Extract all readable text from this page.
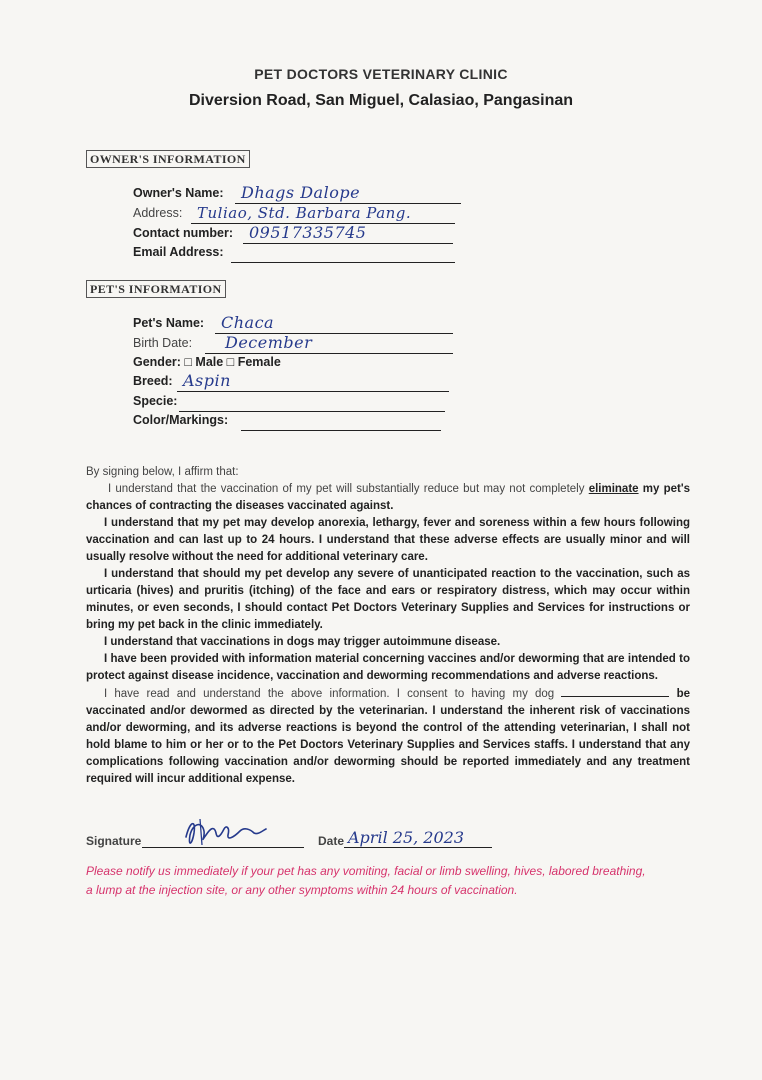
PET DOCTORS VETERINARY CLINIC
Diversion Road, San Miguel, Calasiao, Pangasinan
OWNER'S INFORMATION
Owner's Name: Dhags Dalope
Address: Tuliao, Std. Barbara Pang.
Contact number: 09517335745
Email Address:
PET'S INFORMATION
Pet's Name: Chaca
Birth Date: December
Gender: □ Male □ Female
Breed: Aspin
Specie:
Color/Markings:

By signing below, I affirm that:

I understand that the vaccination of my pet will substantially reduce but may not completely eliminate my pet's chances of contracting the diseases vaccinated against.

I understand that my pet may develop anorexia, lethargy, fever and soreness within a few hours following vaccination and can last up to 24 hours. I understand that these adverse effects are usually minor and will usually resolve without the need for additional veterinary care.

I understand that should my pet develop any severe of unanticipated reaction to the vaccination, such as urticaria (hives) and pruritis (itching) of the face and ears or respiratory distress, which may occur within minutes, or even seconds, I should contact Pet Doctors Veterinary Supplies and Services for instructions or bring my pet back in the clinic immediately.

I understand that vaccinations in dogs may trigger autoimmune disease.

I have been provided with information material concerning vaccines and/or deworming that are intended to protect against disease incidence, vaccination and deworming recommendations and adverse reactions.

I have read and understand the above information. I consent to having my dog	be vaccinated and/or dewormed as directed by the veterinarian. I understand the inherent risk of vaccinations and/or deworming, and its adverse reactions is beyond the control of the attending veterinarian, I shall not hold blame to him or her or to the Pet Doctors Veterinary Supplies and Services staffs. I understand that any complications following vaccination and/or deworming should be reported immediately and any treatment required will incur additional expense.

Signature	Date April 25, 2023
Please notify us immediately if your pet has any vomiting, facial or limb swelling, hives, labored breathing, a lump at the injection site, or any other symptoms within 24 hours of vaccination.
